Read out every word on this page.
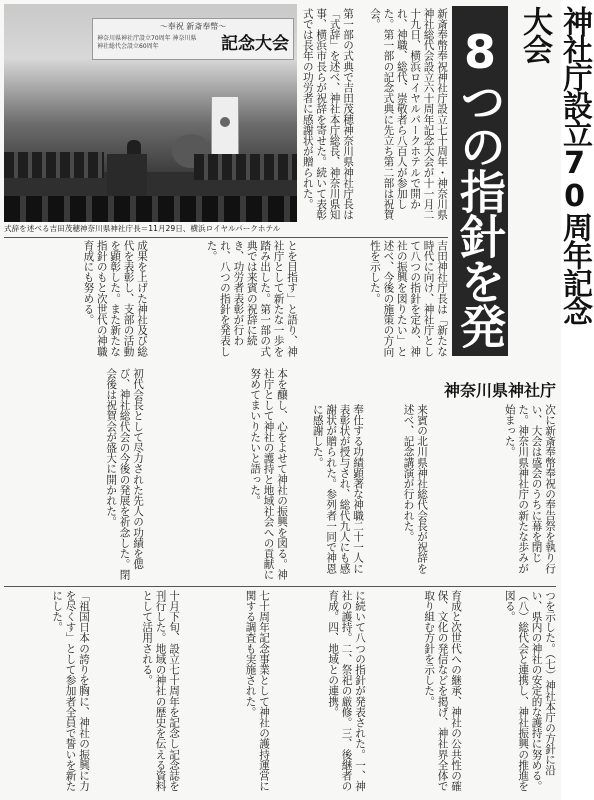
〜奉祝 新斎奉幣〜
神奈川県神社庁設立70周年 神奈川県神社総代会設立60周年	記念大会
式辞を述べる吉田茂穂神奈川県神社庁長＝11月29日、横浜ロイヤルパークホテル	神社庁設立70周年記念大会
8つの指針を発表
神奈川県神社庁
新斎奉幣奉祝神社庁設立七十周年・神奈川県神社総代会設立六十周年記念大会が十一月二十九日、横浜ロイヤルパークホテルで開かれ、神職、総代、崇敬者ら八百人が参加した。第一部の記念式典に先立ち第二部は祝賀会。
第一部の式典で吉田茂穂神奈川県神社庁長は「式辞」を述べ、神社本庁総長、神奈川県知事、横浜市長らが祝辞を寄せた。続いて表彰式では長年の功労者に感謝状が贈られた。
吉田神社庁長は「新たな時代に向け、神社庁として八つの指針を定め、神社の振興を図りたい」と述べ、今後の施策の方向性を示した。
とを目指す」と語り、神社庁として新たな一歩を踏み出した。第一部の式典では来賓の祝辞に続き、功労者表彰が行われ、八つの指針を発表した。
成果を上げた神社及び総代を表彰し、支部の活動を顕彰した。また新たな指針のもと次世代の神職育成にも努める。
初代会長として尽力された先人の功績を偲び、神社総代会の今後の発展を祈念した。閉会後は祝賀会が盛大に開かれた。	本を醸し、心をよせて神社の振興を図る。神社庁として神社の護持と地域社会への貢献に努めてまいりたいと語った。	奉仕する功績顕著な神職二十一人に表彰状が授与され、総代九人にも感謝状が贈られた。参列者一同で神恩に感謝した。	来賓の北川県神社総代会長が祝辞を述べ、記念講演が行われた。	次に新斎奉幣奉祝の奉告祭を執り行い、大会は盛会のうちに幕を閉じた。神奈川県神社庁の新たな歩みが始まった。
「祖国日本の誇りを胸に、神社の振興に力を尽くす」として参加者全員で誓いを新たにした。	十月下旬、設立七十周年を記念し記念誌を刊行した。地域の神社の歴史を伝える資料として活用される。	七十周年記念事業として神社の護持運営に関する調査も実施された。	に続いて八つの指針が発表された。一、神社の護持。二、祭祀の厳修。三、後継者の育成。四、地域との連携。	育成と次世代への継承、神社の公共性の確保、文化の発信などを掲げ、神社界全体で取り組む方針を示した。	つを示した。（七）神社本庁の方針に沿い、県内の神社の安定的な護持に努める。（八）総代会と連携し、神社振興の推進を図る。
